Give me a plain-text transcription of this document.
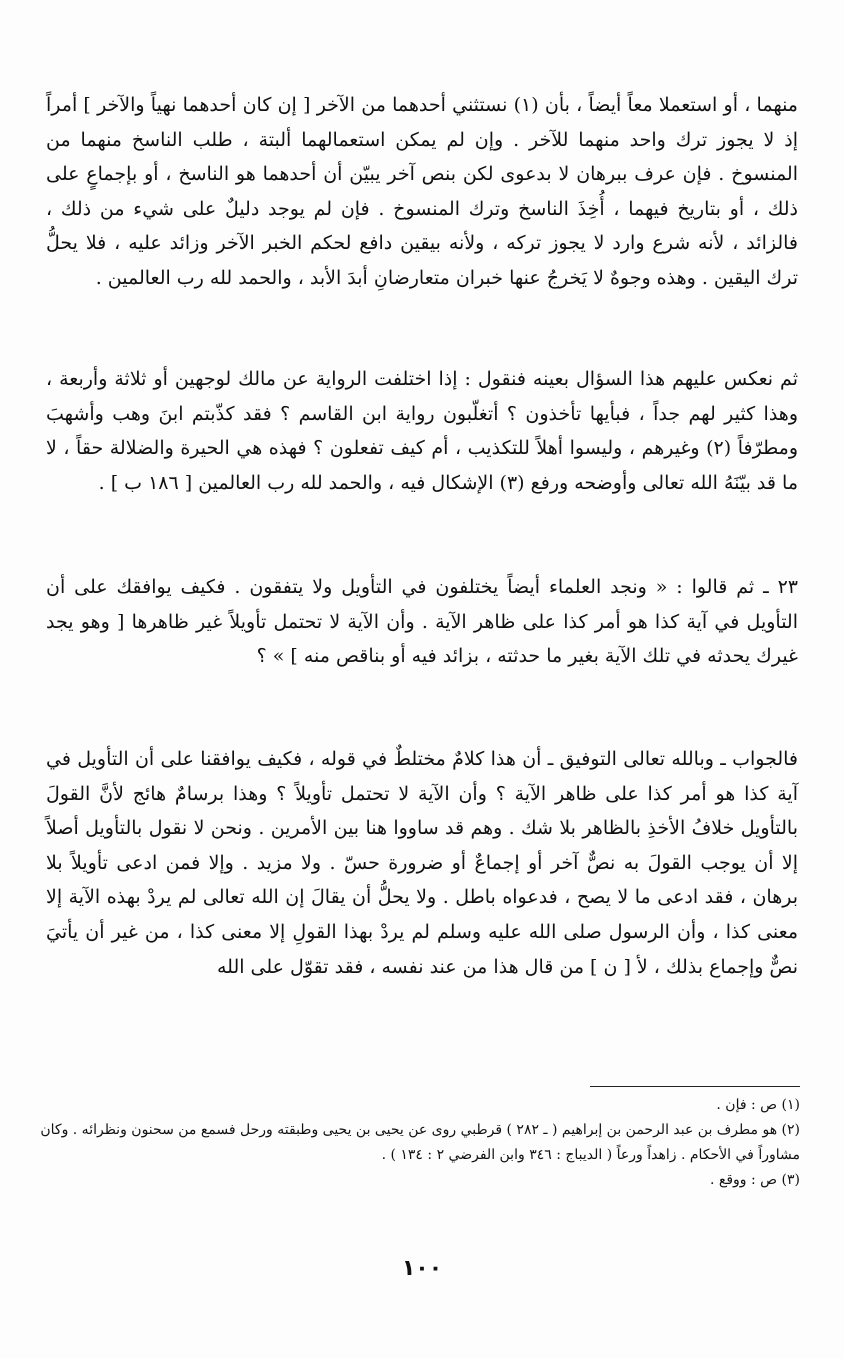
منهما ، أو استعملا معاً أيضاً ، بأن (١) نستثني أحدهما من الآخر [ إن كان أحدهما نهياً والآخر ] أمراً إذ لا يجوز ترك واحد منهما للآخر . وإن لم يمكن استعمالهما ألبتة ، طلب الناسخ منهما من المنسوخ . فإن عرف ببرهان لا بدعوى لكن بنص آخر يبيّن أن أحدهما هو الناسخ ، أو بإجماعٍ على ذلك ، أو بتاريخ فيهما ، أُخِذَ الناسخ وترك المنسوخ . فإن لم يوجد دليلٌ على شيء من ذلك ، فالزائد ، لأنه شرع وارد لا يجوز تركه ، ولأنه بيقين دافع لحكم الخبر الآخر وزائد عليه ، فلا يحلُّ ترك اليقين . وهذه وجوهٌ لا يَخرجُ عنها خبران متعارضانِ أبدَ الأبد ، والحمد لله رب العالمين .

ثم نعكس عليهم هذا السؤال بعينه فنقول : إذا اختلفت الرواية عن مالك لوجهين أو ثلاثة وأربعة ، وهذا كثير لهم جداً ، فبأيها تأخذون ؟ أتغلّبون رواية ابن القاسم ؟ فقد كذّبتم ابنَ وهب وأشهبَ ومطرّفاً (٢) وغيرهم ، وليسوا أهلاً للتكذيب ، أم كيف تفعلون ؟ فهذه هي الحيرة والضلالة حقاً ، لا ما قد بيّنَهُ الله تعالى وأوضحه ورفع (٣) الإشكال فيه ، والحمد لله رب العالمين [ ١٨٦ ب ] .

٢٣ ـ ثم قالوا : « ونجد العلماء أيضاً يختلفون في التأويل ولا يتفقون . فكيف يوافقك على أن التأويل في آية كذا هو أمر كذا على ظاهر الآية . وأن الآية لا تحتمل تأويلاً غير ظاهرها [ وهو يجد غيرك يحدثه في تلك الآية بغير ما حدثته ، بزائد فيه أو بناقص منه ] » ؟

فالجواب ـ وبالله تعالى التوفيق ـ أن هذا كلامٌ مختلطٌ في قوله ، فكيف يوافقنا على أن التأويل في آية كذا هو أمر كذا على ظاهر الآية ؟ وأن الآية لا تحتمل تأويلاً ؟ وهذا برسامٌ هائج لأنَّ القولَ بالتأويل خلافُ الأخذِ بالظاهر بلا شك . وهم قد ساووا هنا بين الأمرين . ونحن لا نقول بالتأويل أصلاً إلا أن يوجب القولَ به نصٌّ آخر أو إجماعٌ أو ضرورة حسّ . ولا مزيد . وإلا فمن ادعى تأويلاً بلا برهان ، فقد ادعى ما لا يصح ، فدعواه باطل . ولا يحلُّ أن يقالَ إن الله تعالى لم يردْ بهذه الآية إلا معنى كذا ، وأن الرسول صلى الله عليه وسلم لم يردْ بهذا القولِ إلا معنى كذا ، من غير أن يأتيَ نصٌّ وإجماع بذلك ، لأ [ ن ] من قال هذا من عند نفسه ، فقد تقوّل على الله

(١) ص : فإن .

(٢) هو مطرف بن عبد الرحمن بن إبراهيم ( ـ ٢٨٢ ) قرطبي روى عن يحيى بن يحيى وطبقته ورحل فسمع من سحنون ونظرائه . وكان مشاوراً في الأحكام . زاهداً ورعاً ( الديباج : ٣٤٦ وابن الفرضي ٢ : ١٣٤ ) .

(٣) ص : ووقع .

١٠٠
